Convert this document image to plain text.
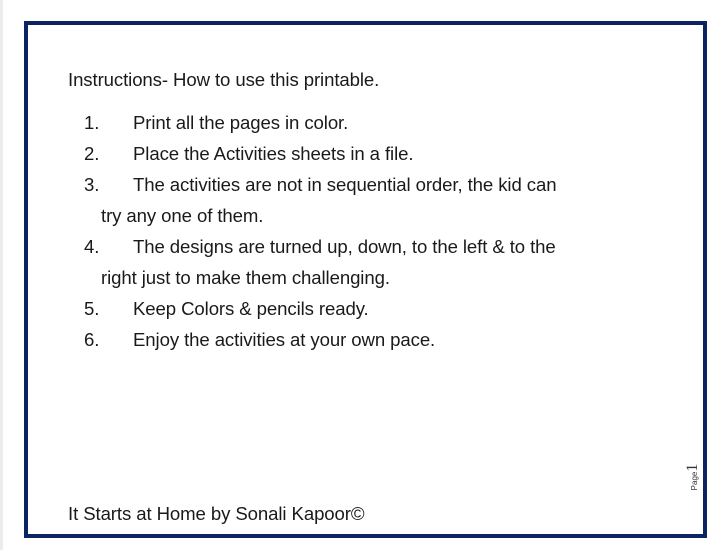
Instructions- How to use this printable.
1. Print all the pages in color.
2. Place the Activities sheets in a file.
3. The activities are not in sequential order, the kid can
try any one of them.
4. The designs are turned up, down, to the left & to the
right just to make them challenging.
5. Keep Colors & pencils ready.
6. Enjoy the activities at your own pace.
It Starts at Home by Sonali Kapoor©
Page1
